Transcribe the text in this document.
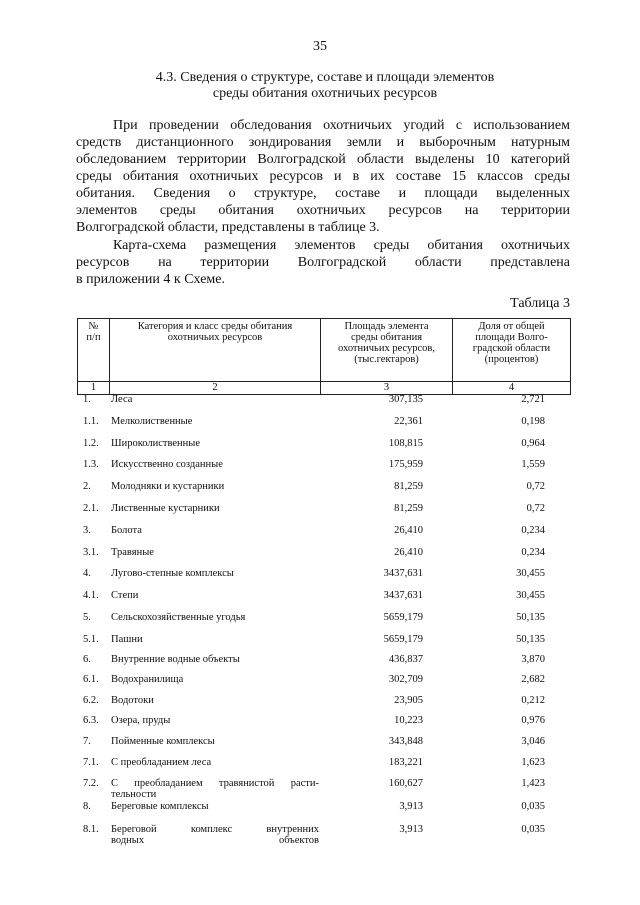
35
4.3. Сведения о структуре, составе и площади элементов
среды обитания охотничьих ресурсов
При проведении обследования охотничьих угодий с использованием
средств дистанционного зондирования земли и выборочным натурным
обследованием территории Волгоградской области выделены 10 категорий
среды обитания охотничьих ресурсов и в их составе 15 классов среды
обитания. Сведения о структуре, составе и площади выделенных
элементов среды обитания охотничьих ресурсов на территории
Волгоградской области, представлены в таблице 3.
Карта-схема размещения элементов среды обитания охотничьих
ресурсов на территории Волгоградской области представлена
в приложении 4 к Схеме.
Таблица 3
№
п/п
Категория и класс среды обитания
охотничьих ресурсов
Площадь элемента
среды обитания
охотничьих ресурсов,
(тыс.гектаров)
Доля от общей
площади Волго-
градской области
(процентов)
1	2	3	4
1.	Леса	307,135	2,721
1.1.	Мелколиственные	22,361	0,198
1.2.	Широколиственные	108,815	0,964
1.3.	Искусственно созданные	175,959	1,559
2.	Молодняки и кустарники	81,259	0,72
2.1.	Лиственные кустарники	81,259	0,72
3.	Болота	26,410	0,234
3.1.	Травяные	26,410	0,234
4.	Лугово-степные комплексы	3437,631	30,455
4.1.	Степи	3437,631	30,455
5.	Сельскохозяйственные угодья	5659,179	50,135
5.1.	Пашни	5659,179	50,135
6.	Внутренние водные объекты	436,837	3,870
6.1.	Водохранилища	302,709	2,682
6.2.	Водотоки	23,905	0,212
6.3.	Озера, пруды	10,223	0,976
7.	Пойменные комплексы	343,848	3,046
7.1.	С преобладанием леса	183,221	1,623
7.2.	С преобладанием травянистой расти-
тельности
160,627	1,423
8.	Береговые комплексы	3,913	0,035
8.1.	Береговой комплекс внутренних
водных объектов
3,913	0,035
